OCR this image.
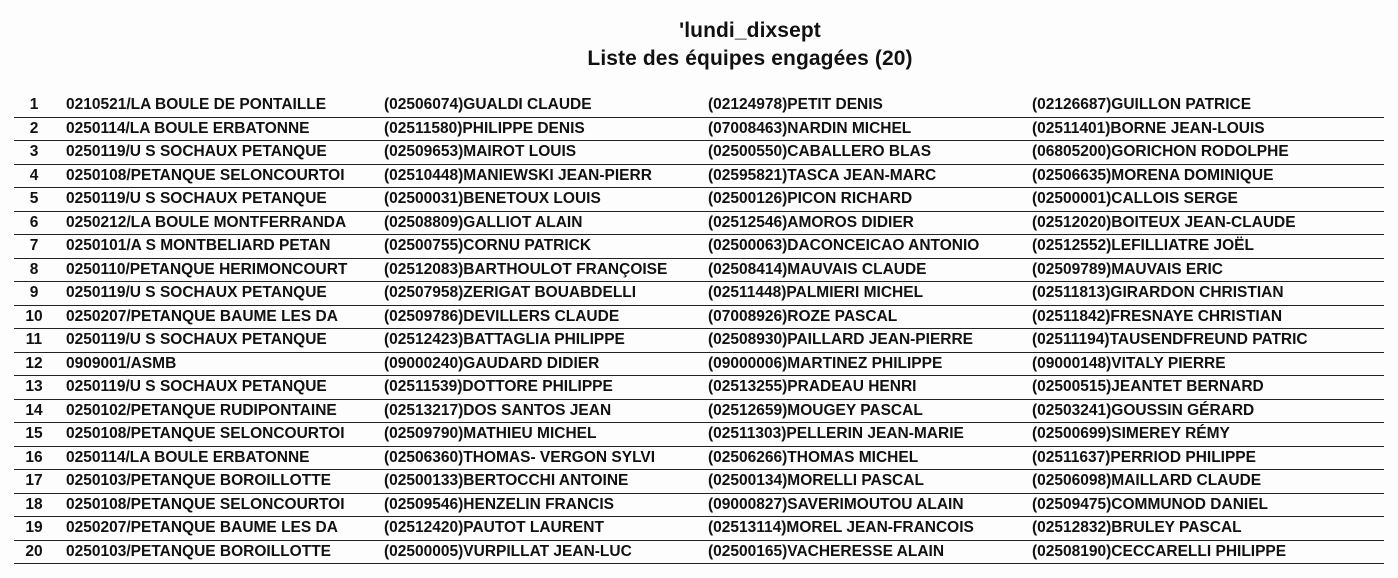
'lundi_dixsept
Liste des équipes engagées (20)
1	0210521/LA BOULE DE PONTAILLE	(02506074)GUALDI CLAUDE	(02124978)PETIT DENIS	(02126687)GUILLON PATRICE
2	0250114/LA BOULE ERBATONNE	(02511580)PHILIPPE DENIS	(07008463)NARDIN MICHEL	(02511401)BORNE JEAN-LOUIS
3	0250119/U S SOCHAUX PETANQUE	(02509653)MAIROT LOUIS	(02500550)CABALLERO BLAS	(06805200)GORICHON RODOLPHE
4	0250108/PETANQUE SELONCOURTOI	(02510448)MANIEWSKI JEAN-PIERR	(02595821)TASCA JEAN-MARC	(02506635)MORENA DOMINIQUE
5	0250119/U S SOCHAUX PETANQUE	(02500031)BENETOUX LOUIS	(02500126)PICON RICHARD	(02500001)CALLOIS SERGE
6	0250212/LA BOULE MONTFERRANDA	(02508809)GALLIOT ALAIN	(02512546)AMOROS DIDIER	(02512020)BOITEUX JEAN-CLAUDE
7	0250101/A S MONTBELIARD PETAN	(02500755)CORNU PATRICK	(02500063)DACONCEICAO ANTONIO	(02512552)LEFILLIATRE JOËL
8	0250110/PETANQUE HERIMONCOURT	(02512083)BARTHOULOT FRANÇOISE	(02508414)MAUVAIS CLAUDE	(02509789)MAUVAIS ERIC
9	0250119/U S SOCHAUX PETANQUE	(02507958)ZERIGAT BOUABDELLI	(02511448)PALMIERI MICHEL	(02511813)GIRARDON CHRISTIAN
10	0250207/PETANQUE BAUME LES DA	(02509786)DEVILLERS CLAUDE	(07008926)ROZE PASCAL	(02511842)FRESNAYE CHRISTIAN
11	0250119/U S SOCHAUX PETANQUE	(02512423)BATTAGLIA PHILIPPE	(02508930)PAILLARD JEAN-PIERRE	(02511194)TAUSENDFREUND PATRIC
12	0909001/ASMB	(09000240)GAUDARD DIDIER	(09000006)MARTINEZ PHILIPPE	(09000148)VITALY PIERRE
13	0250119/U S SOCHAUX PETANQUE	(02511539)DOTTORE PHILIPPE	(02513255)PRADEAU HENRI	(02500515)JEANTET BERNARD
14	0250102/PETANQUE RUDIPONTAINE	(02513217)DOS SANTOS JEAN	(02512659)MOUGEY PASCAL	(02503241)GOUSSIN GÉRARD
15	0250108/PETANQUE SELONCOURTOI	(02509790)MATHIEU MICHEL	(02511303)PELLERIN JEAN-MARIE	(02500699)SIMEREY RÉMY
16	0250114/LA BOULE ERBATONNE	(02506360)THOMAS- VERGON SYLVI	(02506266)THOMAS MICHEL	(02511637)PERRIOD PHILIPPE
17	0250103/PETANQUE BOROILLOTTE	(02500133)BERTOCCHI ANTOINE	(02500134)MORELLI PASCAL	(02506098)MAILLARD CLAUDE
18	0250108/PETANQUE SELONCOURTOI	(02509546)HENZELIN FRANCIS	(09000827)SAVERIMOUTOU ALAIN	(02509475)COMMUNOD DANIEL
19	0250207/PETANQUE BAUME LES DA	(02512420)PAUTOT LAURENT	(02513114)MOREL JEAN-FRANCOIS	(02512832)BRULEY PASCAL
20	0250103/PETANQUE BOROILLOTTE	(02500005)VURPILLAT JEAN-LUC	(02500165)VACHERESSE ALAIN	(02508190)CECCARELLI PHILIPPE
